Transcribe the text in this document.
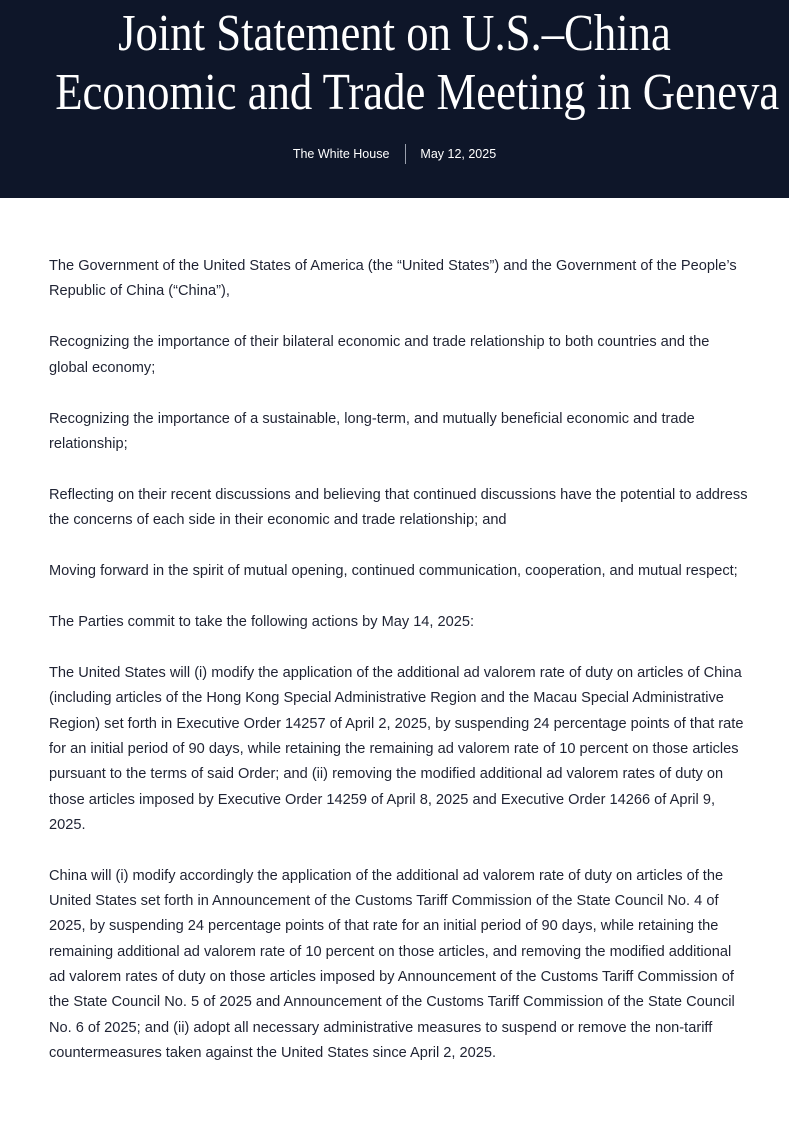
Joint Statement on U.S.–China
Economic and Trade Meeting in Geneva
The White House May 12, 2025

The Government of the United States of America (the “United States”) and the Government of the People’s Republic of China (“China”),

Recognizing the importance of their bilateral economic and trade relationship to both countries and the global economy;

Recognizing the importance of a sustainable, long-term, and mutually beneficial economic and trade relationship;

Reflecting on their recent discussions and believing that continued discussions have the potential to address the concerns of each side in their economic and trade relationship; and

Moving forward in the spirit of mutual opening, continued communication, cooperation, and mutual respect;

The Parties commit to take the following actions by May 14, 2025:

The United States will (i) modify the application of the additional ad valorem rate of duty on articles of China (including articles of the Hong Kong Special Administrative Region and the Macau Special Administrative Region) set forth in Executive Order 14257 of April 2, 2025, by suspending 24 percentage points of that rate for an initial period of 90 days, while retaining the remaining ad valorem rate of 10 percent on those articles pursuant to the terms of said Order; and (ii) removing the modified additional ad valorem rates of duty on those articles imposed by Executive Order 14259 of April 8, 2025 and Executive Order 14266 of April 9, 2025.

China will (i) modify accordingly the application of the additional ad valorem rate of duty on articles of the United States set forth in Announcement of the Customs Tariff Commission of the State Council No. 4 of 2025, by suspending 24 percentage points of that rate for an initial period of 90 days, while retaining the remaining additional ad valorem rate of 10 percent on those articles, and removing the modified additional ad valorem rates of duty on those articles imposed by Announcement of the Customs Tariff Commission of the State Council No. 5 of 2025 and Announcement of the Customs Tariff Commission of the State Council No. 6 of 2025; and (ii) adopt all necessary administrative measures to suspend or remove the non-tariff countermeasures taken against the United States since April 2, 2025.
